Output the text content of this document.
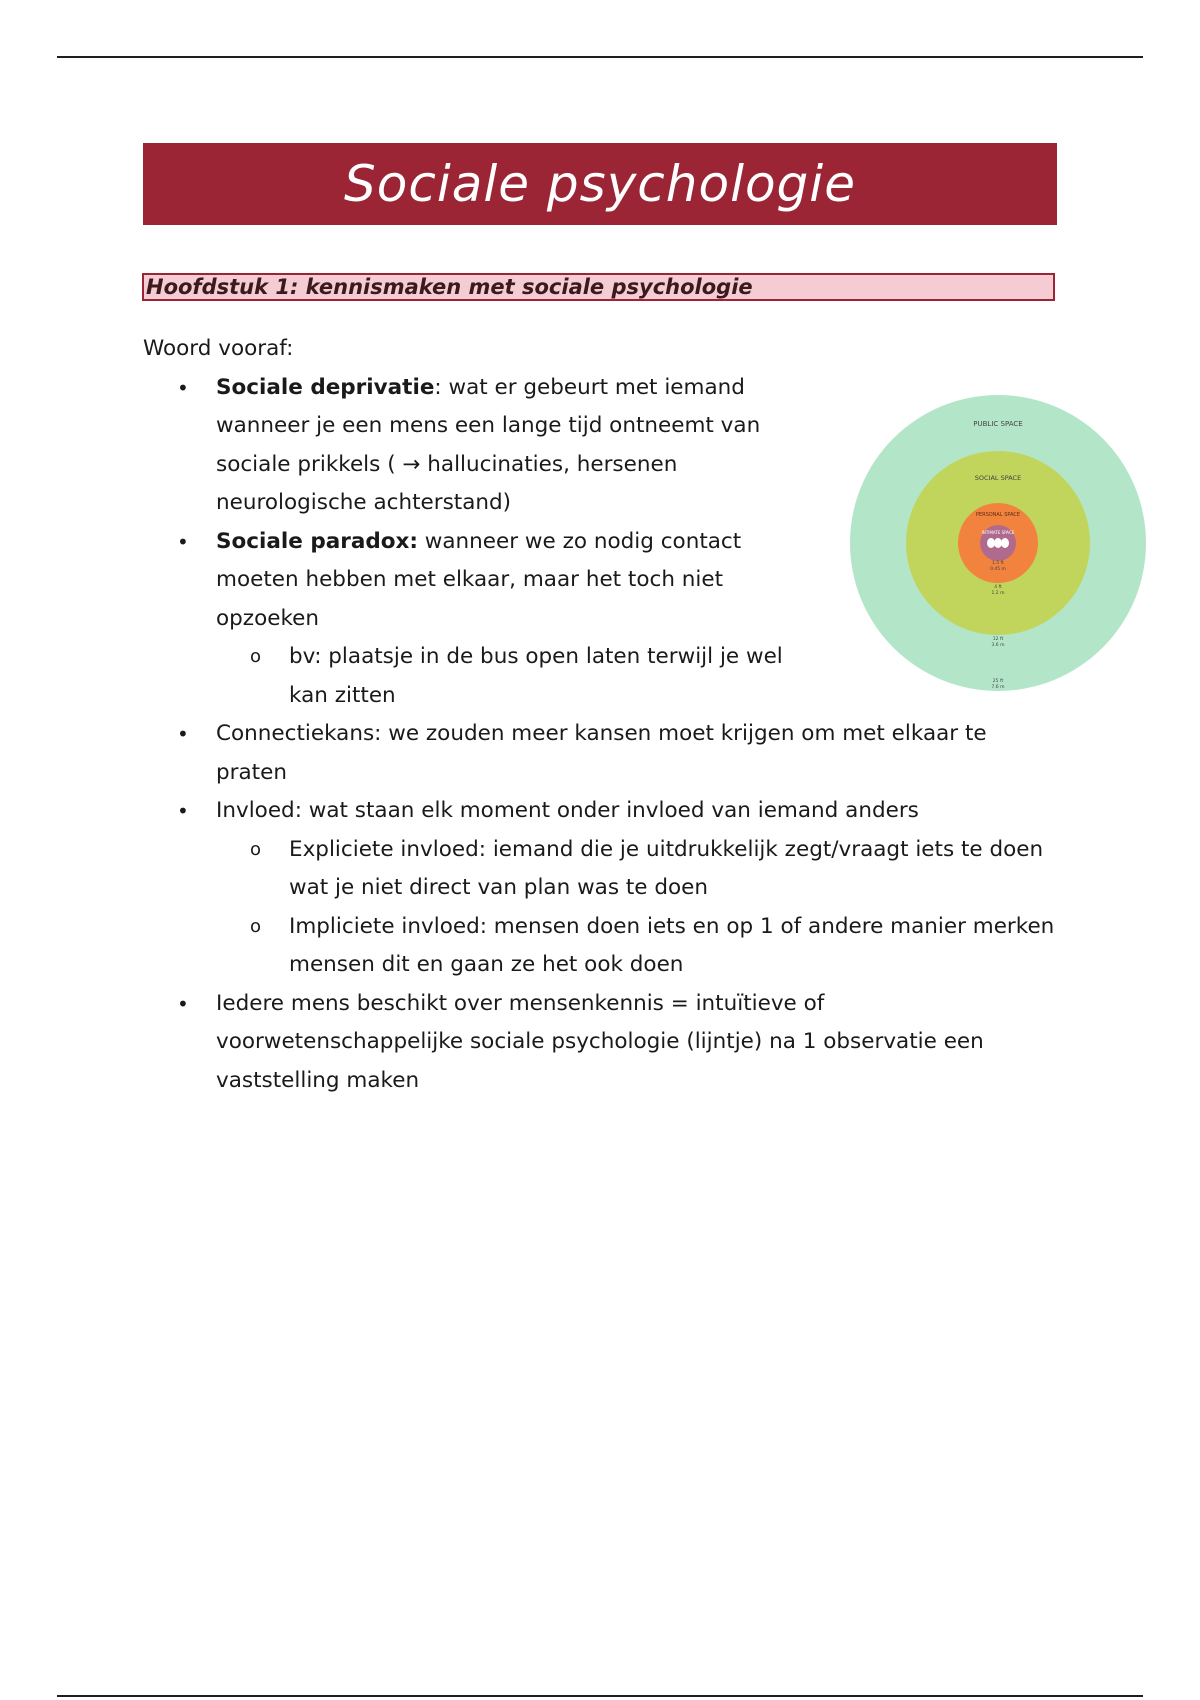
Sociale psychologie
Hoofdstuk 1: kennismaken met sociale psychologie

Woord vooraf:

• Sociale deprivatie: wat er gebeurt met iemand wanneer je een mens een lange tijd ontneemt van sociale prikkels ( → hallucinaties, hersenen neurologische achterstand)
• Sociale paradox: wanneer we zo nodig contact moeten hebben met elkaar, maar het toch niet opzoeken
o bv: plaatsje in de bus open laten terwijl je wel kan zitten
• Connectiekans: we zouden meer kansen moet krijgen om met elkaar te praten
• Invloed: wat staan elk moment onder invloed van iemand anders
o Expliciete invloed: iemand die je uitdrukkelijk zegt/vraagt iets te doen wat je niet direct van plan was te doen
o Impliciete invloed: mensen doen iets en op 1 of andere manier merken mensen dit en gaan ze het ook doen
• Iedere mens beschikt over mensenkennis = intuïtieve of voorwetenschappelijke sociale psychologie (lijntje) na 1 observatie een vaststelling maken
PUBLIC SPACE
SOCIAL SPACE
PERSONAL SPACE
INTIMATE SPACE
1.5 ft
0.45 m
4 ft
1.2 m
12 ft
3.6 m
25 ft
7.6 m
